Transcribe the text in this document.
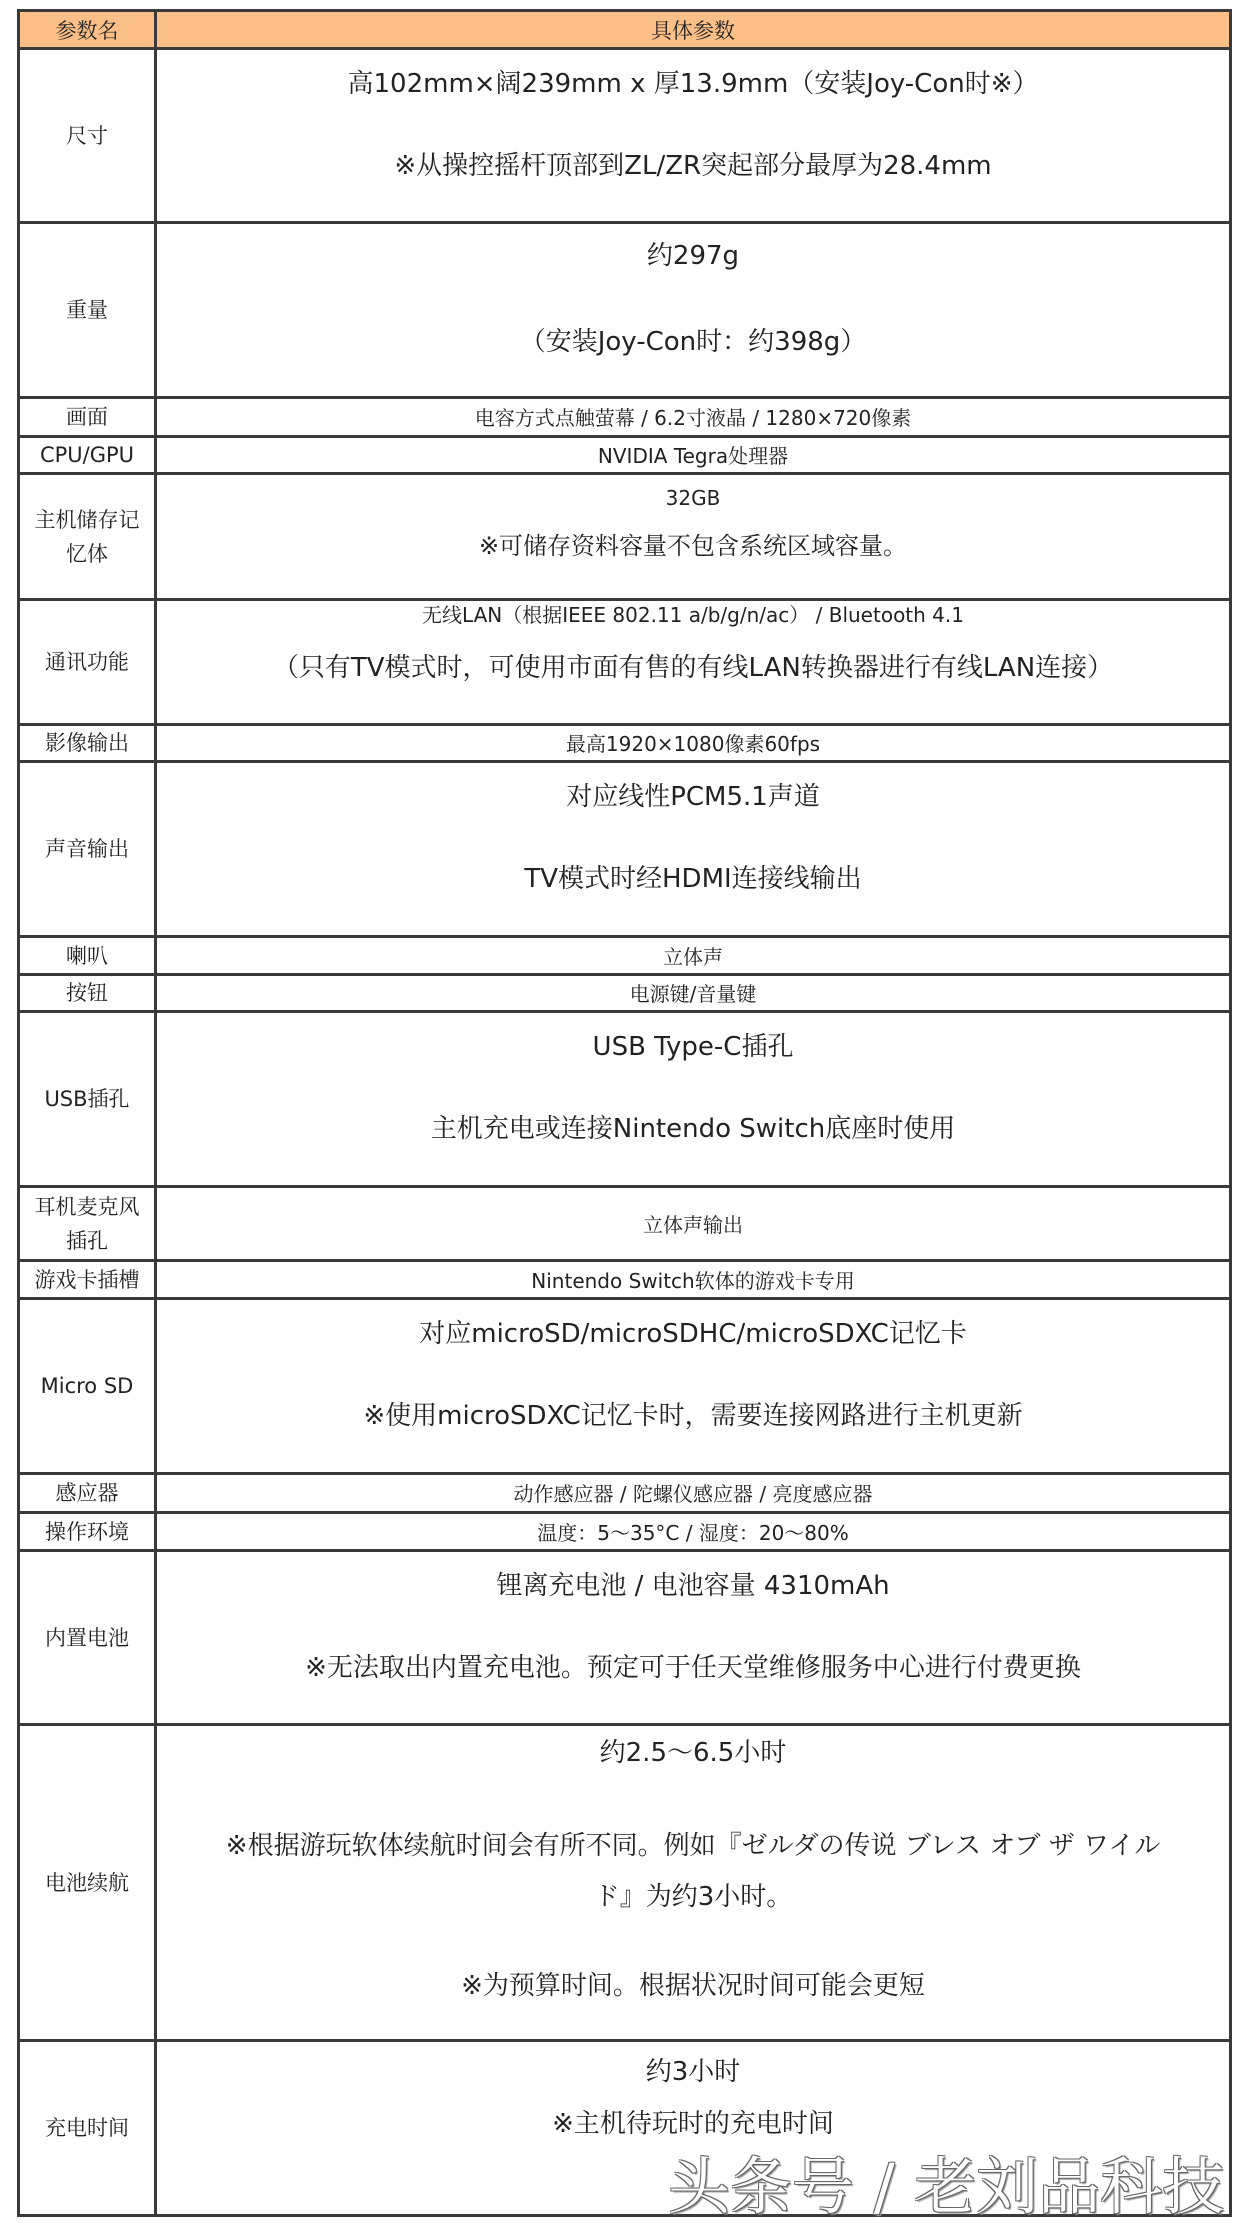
参数名	具体参数
尺寸	高102mm×阔239mm x 厚13.9mm（安装Joy-Con时※）
※从操控摇杆顶部到ZL/ZR突起部分最厚为28.4mm

重量	约297g
（安装Joy-Con时：约398g）

画面	电容方式点触萤幕 / 6.2寸液晶 / 1280×720像素

CPU/GPU	NVIDIA Tegra处理器

主机储存记忆体	32GB
※可储存资料容量不包含系统区域容量。

通讯功能	无线LAN（根据IEEE 802.11 a/b/g/n/ac） / Bluetooth 4.1
（只有TV模式时，可使用市面有售的有线LAN转换器进行有线LAN连接）

影像输出	最高1920×1080像素60fps

声音输出	对应线性PCM5.1声道
TV模式时经HDMI连接线输出

喇叭	立体声

按钮	电源键/音量键

USB插孔	USB Type-C插孔
主机充电或连接Nintendo Switch底座时使用

耳机麦克风插孔	立体声输出

游戏卡插槽	Nintendo Switch软体的游戏卡专用

Micro SD	对应microSD/microSDHC/microSDXC记忆卡
※使用microSDXC记忆卡时，需要连接网路进行主机更新

感应器	动作感应器 / 陀螺仪感应器 / 亮度感应器

操作环境	温度：5～35°C / 湿度：20～80%

内置电池	锂离充电池 / 电池容量 4310mAh
※无法取出内置充电池。预定可于任天堂维修服务中心进行付费更换

电池续航	约2.5～6.5小时
※根据游玩软体续航时间会有所不同。例如『ゼルダの传说 ブレス オブ ザ ワイル
ド』为约3小时。
※为预算时间。根据状况时间可能会更短

充电时间	约3小时
※主机待玩时的充电时间
头条号 / 老刘品科技
